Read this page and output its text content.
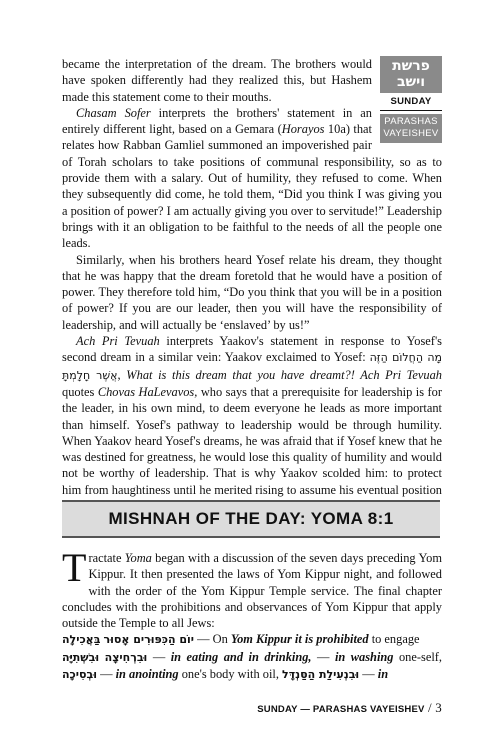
פרשת וישב
SUNDAY
PARASHAS VAYEISHEV

became the interpretation of the dream. The brothers would have spoken differently had they realized this, but Hashem made this statement come to their mouths.

Chasam Sofer interprets the brothers' statement in an entirely different light, based on a Gemara (Horayos 10a) that relates how Rabban Gamliel summoned an impoverished pair of Torah scholars to take positions of communal responsibility, so as to provide them with a salary. Out of humility, they refused to come. When they subsequently did come, he told them, “Did you think I was giving you a position of power? I am actually giving you over to servitude!” Leadership brings with it an obligation to be faithful to the needs of all the people one leads.

Similarly, when his brothers heard Yosef relate his dream, they thought that he was happy that the dream foretold that he would have a position of power. They therefore told him, “Do you think that you will be in a position of power? If you are our leader, then you will have the responsibility of leadership, and will actually be ‘enslaved’ by us!”

Ach Pri Tevuah interprets Yaakov's statement in response to Yosef's second dream in a similar vein: Yaakov exclaimed to Yosef: מָה הַחֲלוֹם הַזֶּה אֲשֶׁר חָלָמְתָּ, What is this dream that you have dreamt?! Ach Pri Tevuah quotes Chovas HaLevavos, who says that a prerequisite for leadership is for the leader, in his own mind, to deem everyone he leads as more important than himself. Yosef's pathway to leadership would be through humility. When Yaakov heard Yosef's dreams, he was afraid that if Yosef knew that he was destined for greatness, he would lose this quality of humility and would not be worthy of leadership. That is why Yaakov scolded him: to protect him from haughtiness until he merited rising to assume his eventual position

MISHNAH OF THE DAY: YOMA 8:1

Tractate Yoma began with a discussion of the seven days preceding Yom Kippur. It then presented the laws of Yom Kippur night, and followed with the order of the Yom Kippur Temple service. The final chapter concludes with the prohibitions and observances of Yom Kippur that apply outside the Temple to all Jews:

בַּאֲכִילָה יוֹם הַכִּפּוּרִים אָסוּר — On Yom Kippur it is prohibited to engage
וּבִשְׁתִיָּה וּבִרְחִיצָה — in eating and in drinking, — in washing one-self, וּבְסִיכָה — in anointing one's body with oil, וּבִנְעִילַת הַסַּנְדָּל — in

SUNDAY — PARASHAS VAYEISHEV / 3
